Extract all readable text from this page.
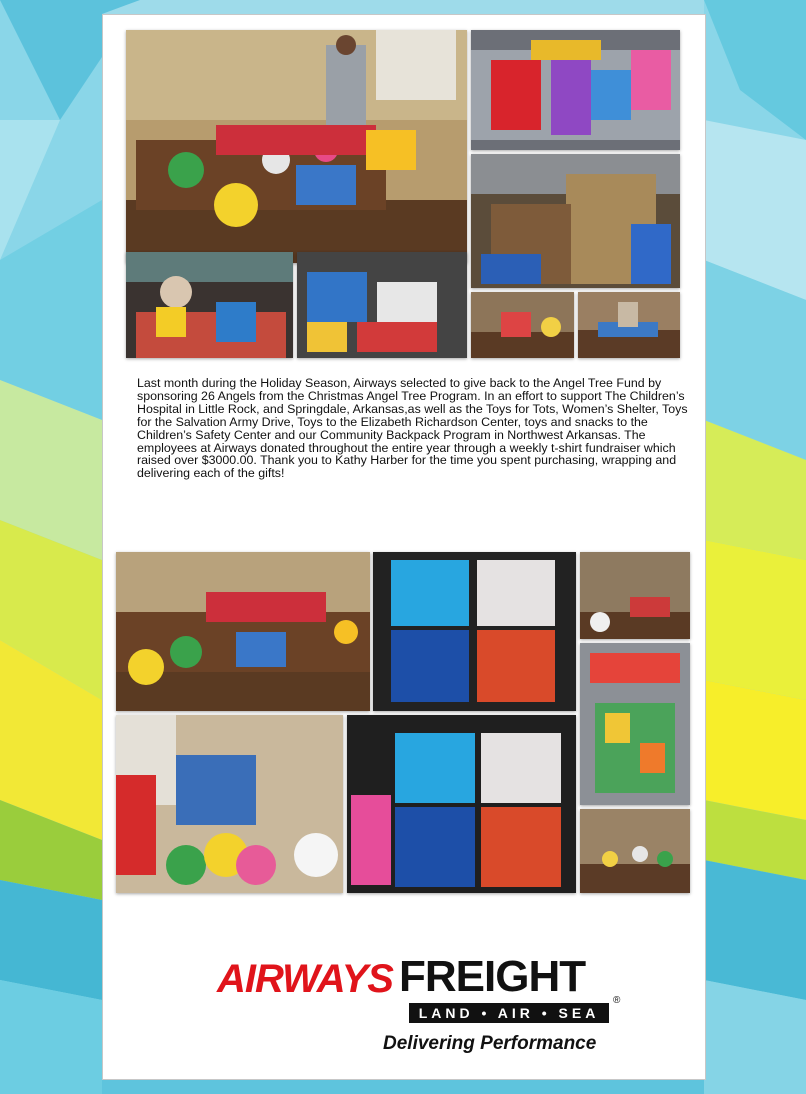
Last month during the Holiday Season, Airways selected to give back to the Angel Tree Fund by sponsoring 26 Angels from the Christmas Angel Tree Program. In an effort to support The Children’s Hospital in Little Rock, and Springdale, Arkansas,as well as the Toys for Tots, Women’s Shelter, Toys for the Salvation Army Drive, Toys to the Elizabeth Richardson Center, toys and snacks to the Children’s Safety Center and our Community Backpack Program in Northwest Arkansas. The employees at Airways donated throughout the entire year through a weekly t-shirt fundraiser which raised over $3000.00. Thank you to Kathy Harber for the time you spent purchasing, wrapping and delivering each of the gifts!

AIRWAYS FREIGHT
LAND • AIR • SEA
®
Delivering Performance
